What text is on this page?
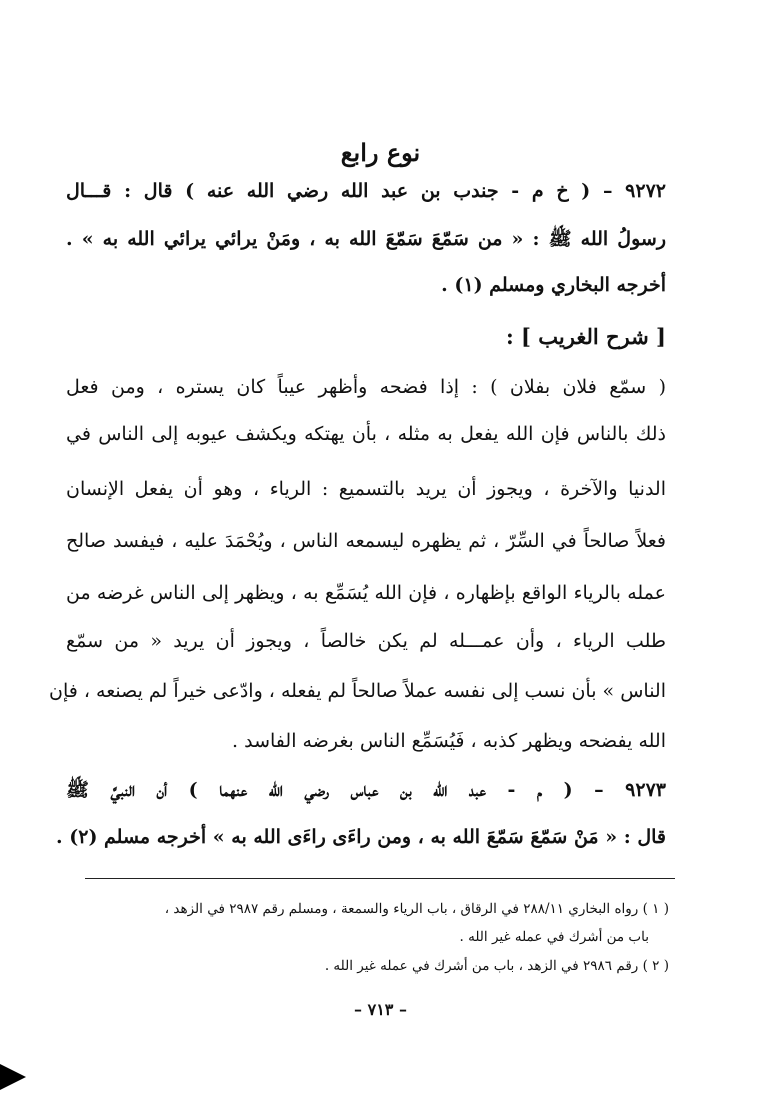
نوع رابع
٩٢٧٢ – ( خ م - جندب بن عبد الله رضي الله عنه ) قال : قـــال
رسولُ الله ﷺ : « من سَمّعَ سَمّعَ الله به ، ومَنْ يرائي يرائي الله به » .
أخرجه البخاري ومسلم (١) .
[ شرح الغريب ] :
( سمّع فلان بفلان ) : إذا فضحه وأظهر عيباً كان يستره ، ومن فعل
ذلك بالناس فإن الله يفعل به مثله ، بأن يهتكه ويكشف عيوبه إلى الناس في
الدنيا والآخرة ، ويجوز أن يريد بالتسميع : الرياء ، وهو أن يفعل الإنسان
فعلاً صالحاً في السِّرّ ، ثم يظهره ليسمعه الناس ، ويُحْمَدَ عليه ، فيفسد صالح
عمله بالرياء الواقع بإظهاره ، فإن الله يُسَمِّع به ، ويظهر إلى الناس غرضه من
طلب الرياء ، وأن عمـــله لم يكن خالصاً ، ويجوز أن يريد « من سمّع
الناس » بأن نسب إلى نفسه عملاً صالحاً لم يفعله ، وادّعى خيراً لم يصنعه ، فإن
الله يفضحه ويظهر كذبه ، فَيُسَمِّع الناس بغرضه الفاسد .
٩٢٧٣ – ( م - عبد الله بن عباس رضي الله عنهما ) أن النبيَّ ﷺ
قال : « مَنْ سَمّعَ سَمّعَ الله به ، ومن راءَى راءَى الله به » أخرجه مسلم (٢) .
( ١ ) رواه البخاري ٢٨٨/١١ في الرقاق ، باب الرياء والسمعة ، ومسلم رقم ٢٩٨٧ في الزهد ،
باب من أشرك في عمله غير الله .
( ٢ ) رقم ٢٩٨٦ في الزهد ، باب من أشرك في عمله غير الله .
– ٧١٣ –
